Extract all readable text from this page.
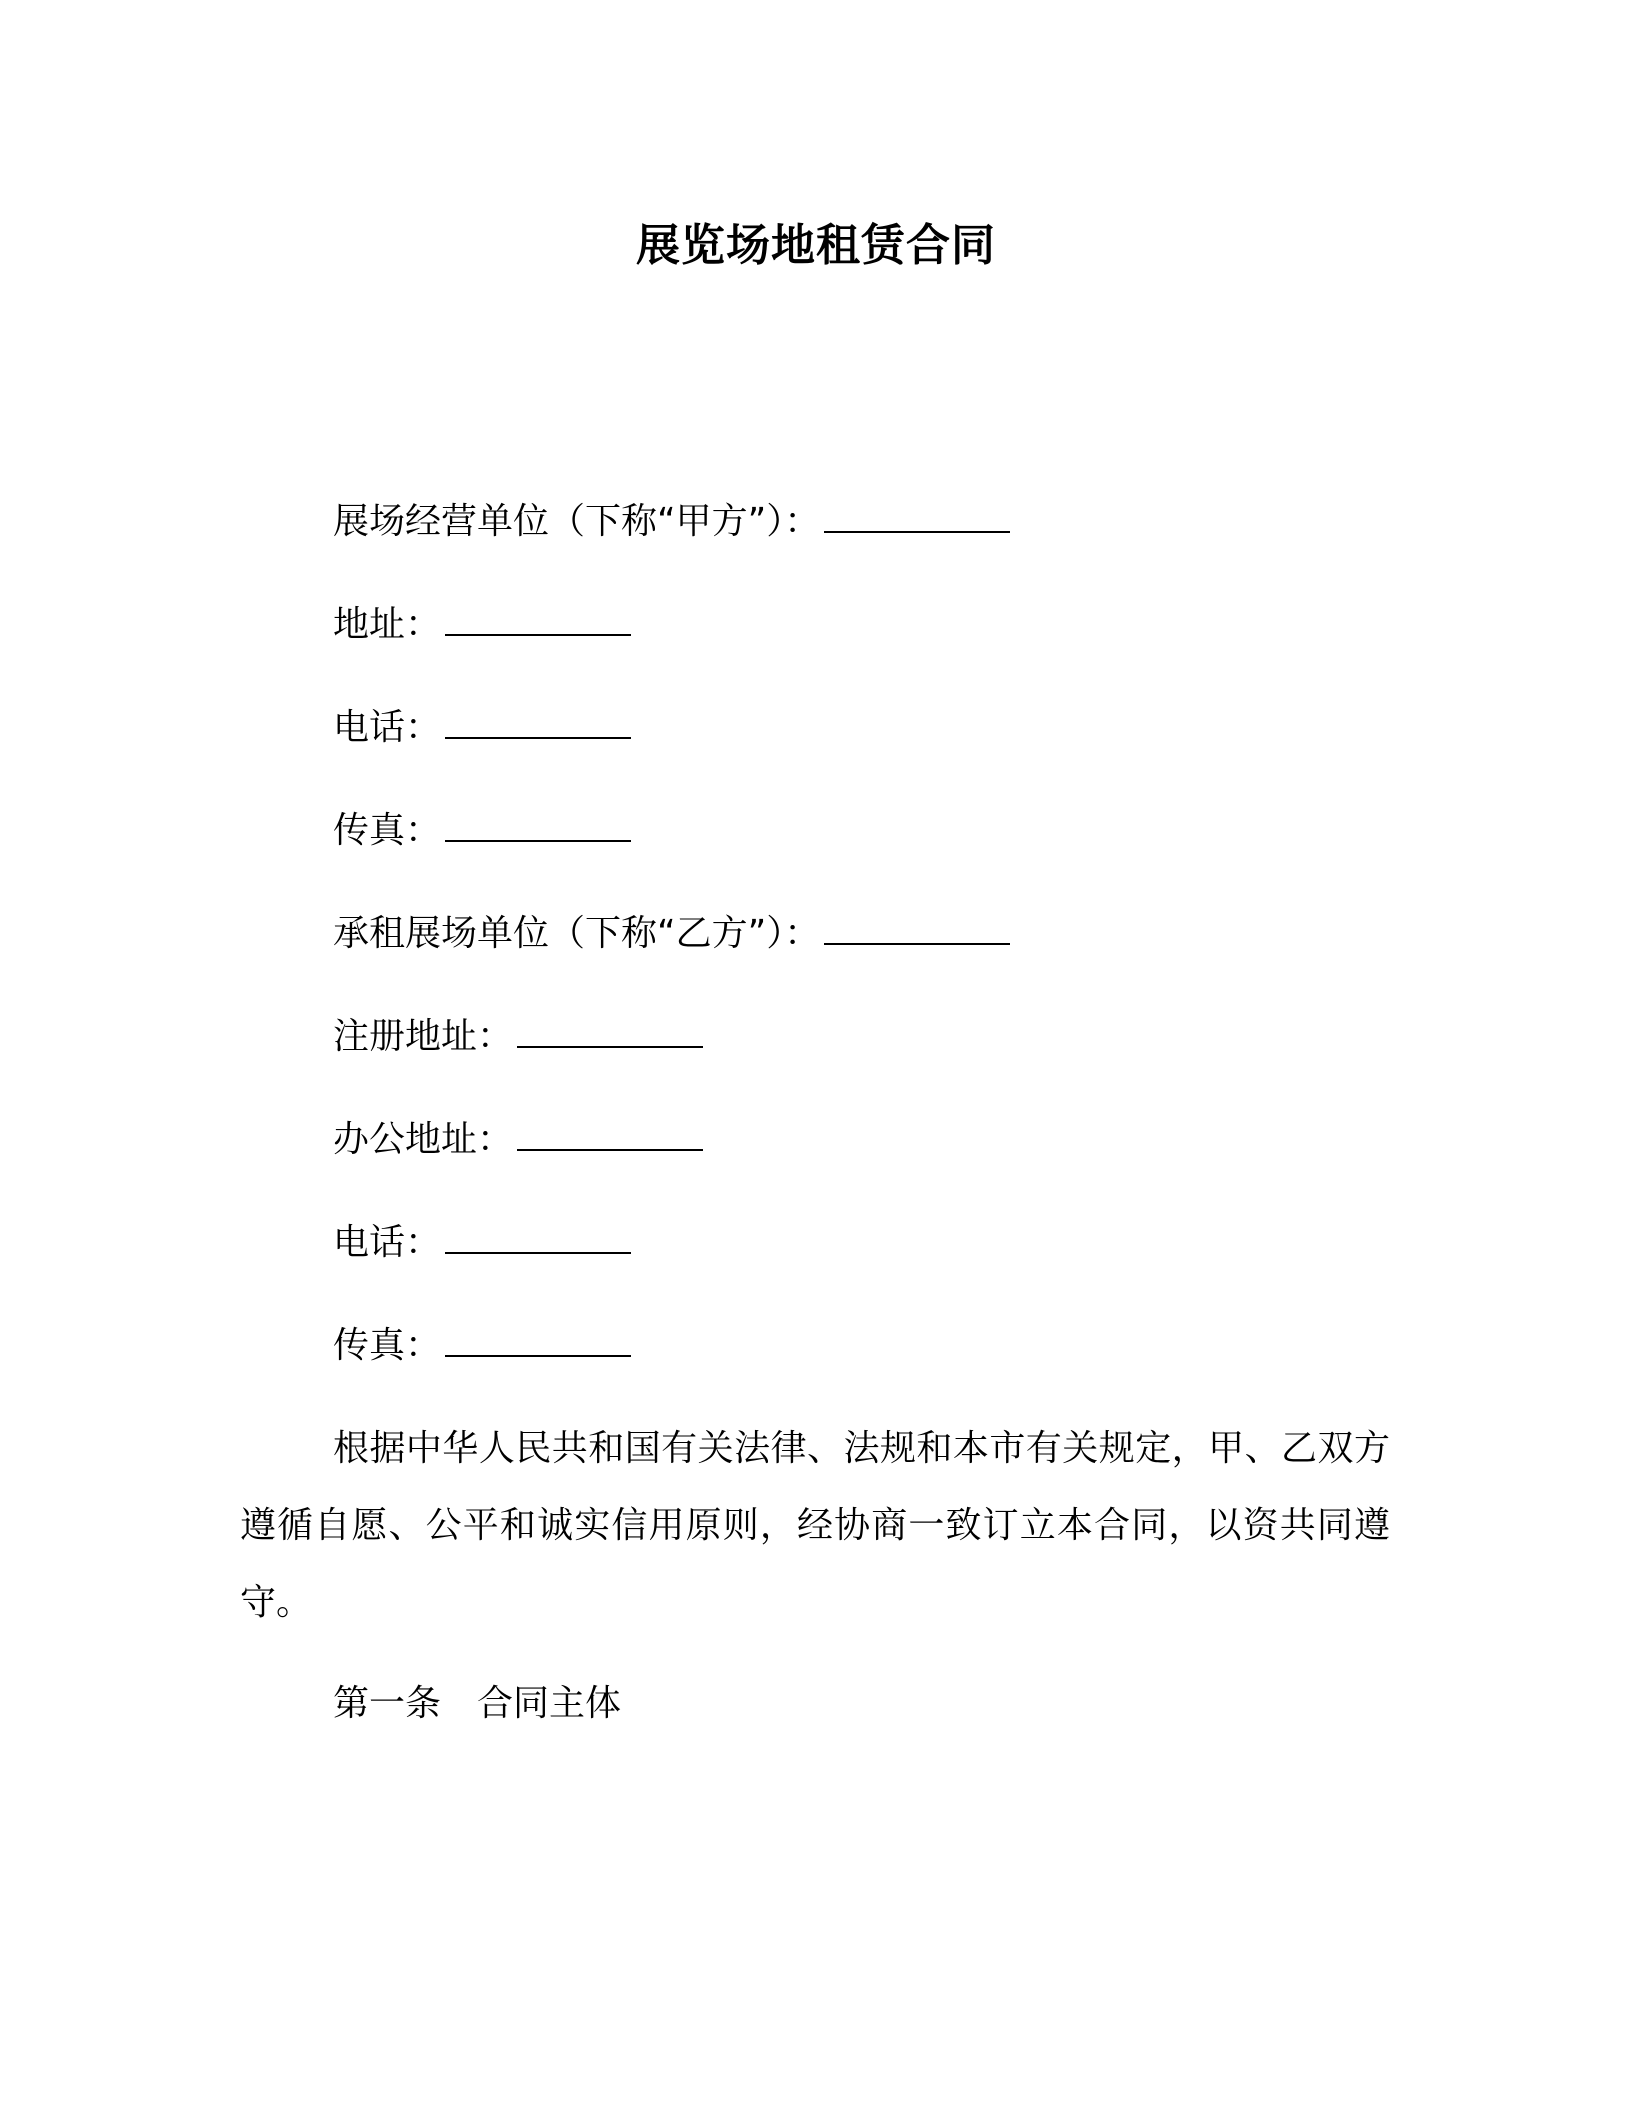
展览场地租赁合同
展场经营单位（下称“甲方”）：
地址：
电话：
传真：
承租展场单位（下称“乙方”）：
注册地址：
办公地址：
电话：
传真：
根据中华人民共和国有关法律、法规和本市有关规定，甲、乙双方遵循自愿、公平和诚实信用原则，经协商一致订立本合同，以资共同遵守。
第一条　合同主体
